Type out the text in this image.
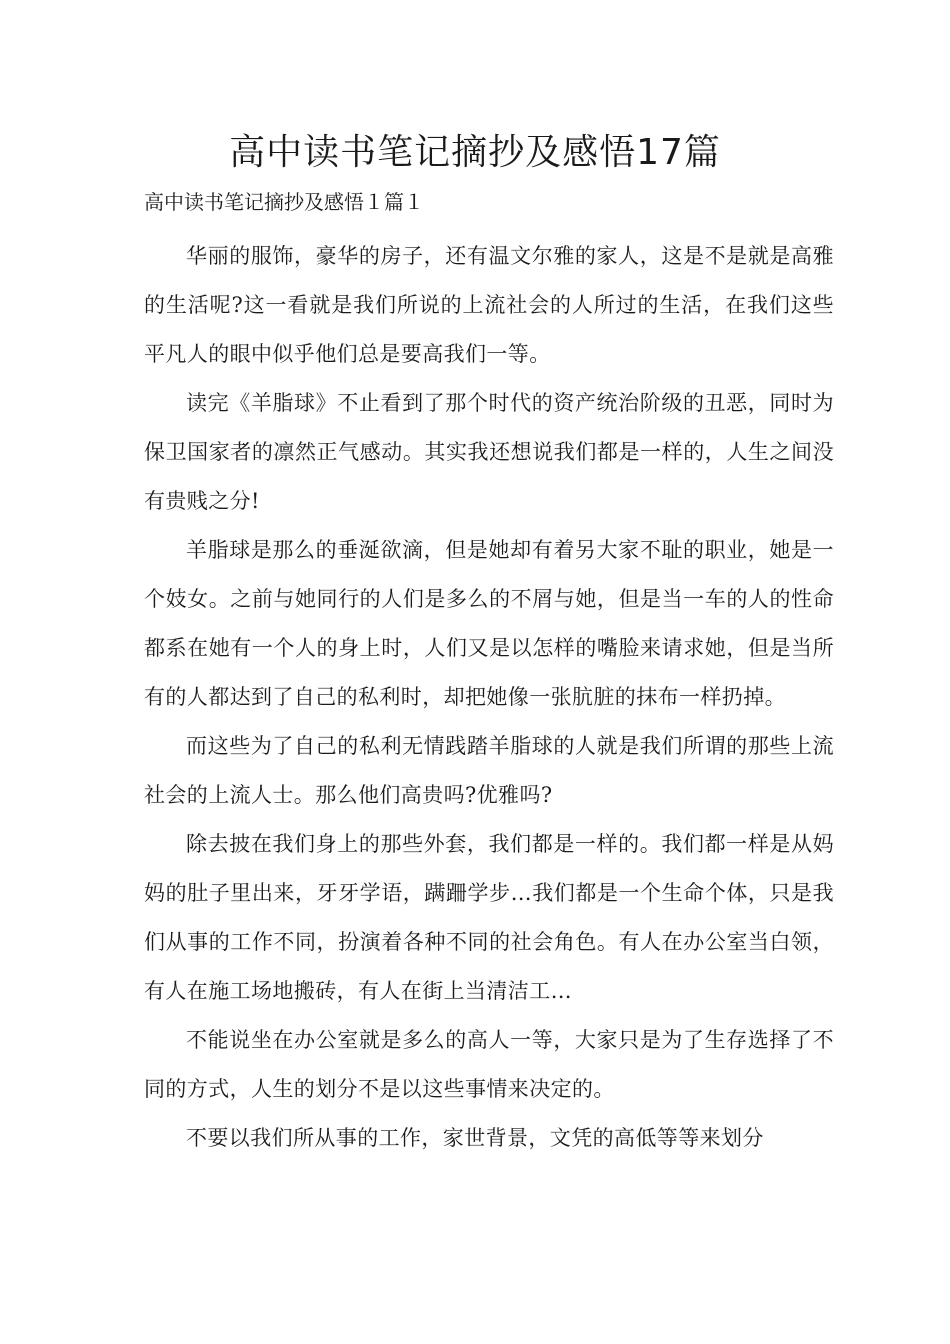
高中读书笔记摘抄及感悟17篇

高中读书笔记摘抄及感悟１篇１

华丽的服饰，豪华的房子，还有温文尔雅的家人，这是不是就是高雅的生活呢?这一看就是我们所说的上流社会的人所过的生活，在我们这些平凡人的眼中似乎他们总是要高我们一等。

读完《羊脂球》不止看到了那个时代的资产统治阶级的丑恶，同时为保卫国家者的凛然正气感动。其实我还想说我们都是一样的，人生之间没有贵贱之分!

羊脂球是那么的垂涎欲滴，但是她却有着另大家不耻的职业，她是一个妓女。之前与她同行的人们是多么的不屑与她，但是当一车的人的性命都系在她有一个人的身上时，人们又是以怎样的嘴脸来请求她，但是当所有的人都达到了自己的私利时，却把她像一张肮脏的抹布一样扔掉。

而这些为了自己的私利无情践踏羊脂球的人就是我们所谓的那些上流社会的上流人士。那么他们高贵吗?优雅吗?

除去披在我们身上的那些外套，我们都是一样的。我们都一样是从妈妈的肚子里出来，牙牙学语，蹒跚学步…我们都是一个生命个体，只是我们从事的工作不同，扮演着各种不同的社会角色。有人在办公室当白领，有人在施工场地搬砖，有人在街上当清洁工…

不能说坐在办公室就是多么的高人一等，大家只是为了生存选择了不同的方式，人生的划分不是以这些事情来决定的。

不要以我们所从事的工作，家世背景，文凭的高低等等来划分
